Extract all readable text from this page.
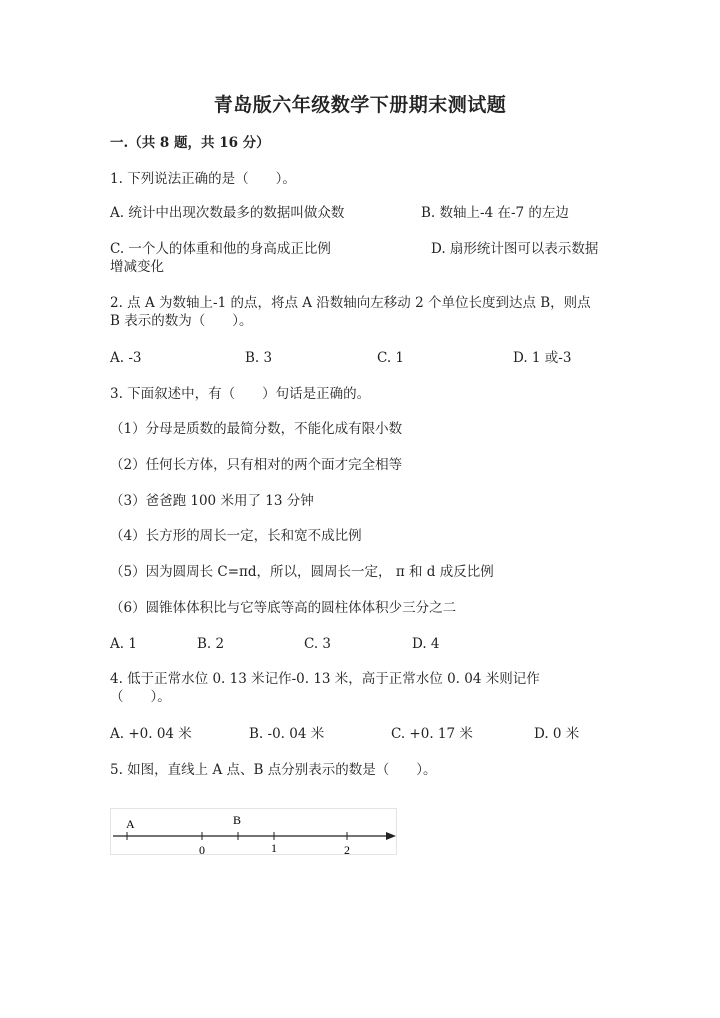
青岛版六年级数学下册期末测试题
一.（共 8 题，共 16 分）
1. 下列说法正确的是（　　）。
A. 统计中出现次数最多的数据叫做众数	B. 数轴上-4 在-7 的左边
C. 一个人的体重和他的身高成正比例	D. 扇形统计图可以表示数据
增减变化
2. 点 A 为数轴上-1 的点，将点 A 沿数轴向左移动 2 个单位长度到达点 B，则点
B 表示的数为（　　）。
A. -3	B. 3	C. 1	D. 1 或-3
3. 下面叙述中，有（　　）句话是正确的。
（1）分母是质数的最简分数，不能化成有限小数
（2）任何长方体，只有相对的两个面才完全相等
（3）爸爸跑 100 米用了 13 分钟
（4）长方形的周长一定，长和宽不成比例
（5）因为圆周长 C=πd，所以，圆周长一定， π 和 d 成反比例
（6）圆锥体体积比与它等底等高的圆柱体体积少三分之二
A. 1	B. 2	C. 3	D. 4
4. 低于正常水位 0. 13 米记作-0. 13 米，高于正常水位 0. 04 米则记作
（　　）。
A. +0. 04 米	B. -0. 04 米	C. +0. 17 米	D. 0 米
5. 如图，直线上 A 点、B 点分别表示的数是（　　）。
A	B
0	1	2
